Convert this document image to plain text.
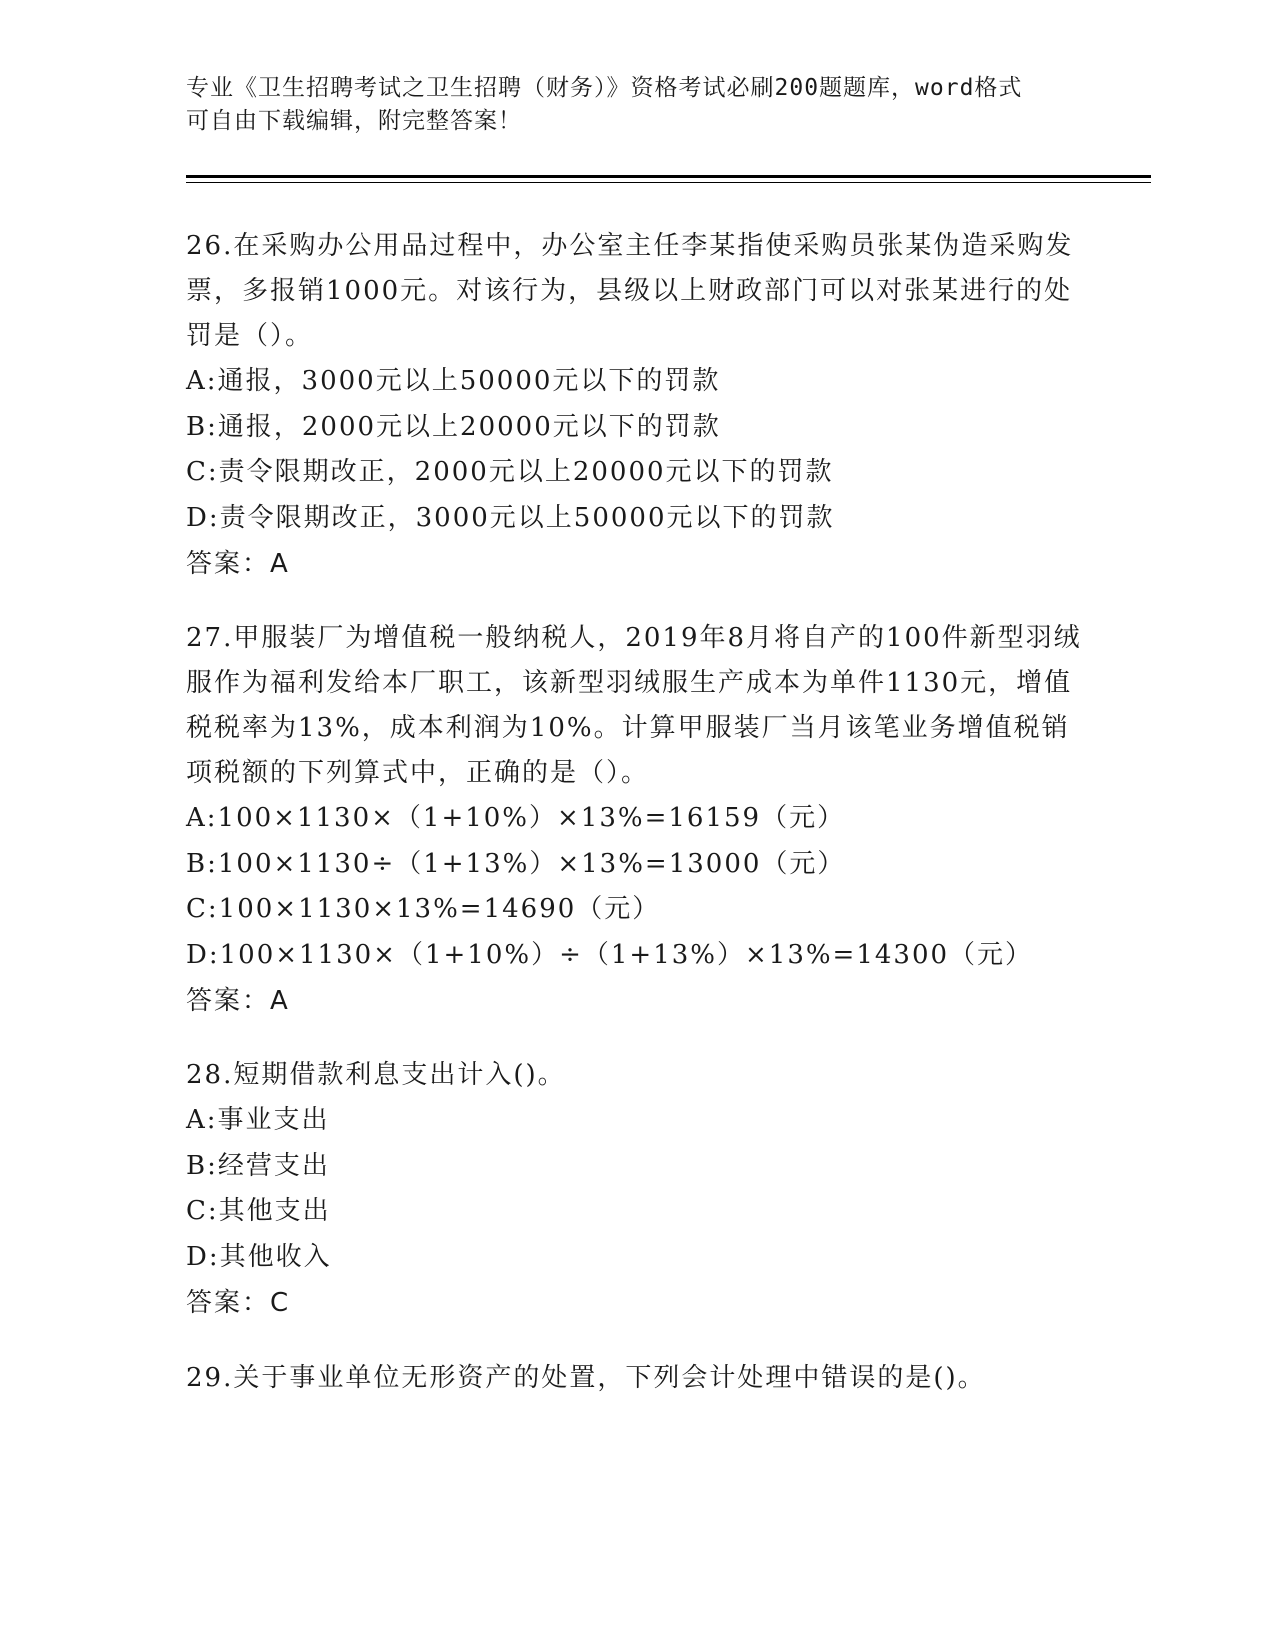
专业《卫生招聘考试之卫生招聘（财务）》资格考试必刷200题题库，word格式
可自由下载编辑，附完整答案！

26.在采购办公用品过程中，办公室主任李某指使采购员张某伪造采购发票，多报销1000元。对该行为，县级以上财政部门可以对张某进行的处罚是（）。

A:通报，3000元以上50000元以下的罚款
B:通报，2000元以上20000元以下的罚款
C:责令限期改正，2000元以上20000元以下的罚款
D:责令限期改正，3000元以上50000元以下的罚款
答案：A

27.甲服装厂为增值税一般纳税人，2019年8月将自产的100件新型羽绒服作为福利发给本厂职工，该新型羽绒服生产成本为单件1130元，增值税税率为13%，成本利润为10%。计算甲服装厂当月该笔业务增值税销项税额的下列算式中，正确的是（）。

A:100×1130×（1+10%）×13%=16159（元）
B:100×1130÷（1+13%）×13%=13000（元）
C:100×1130×13%=14690（元）
D:100×1130×（1+10%）÷（1+13%）×13%=14300（元）
答案：A

28.短期借款利息支出计入()。

A:事业支出
B:经营支出
C:其他支出
D:其他收入
答案：C

29.关于事业单位无形资产的处置，下列会计处理中错误的是()。
